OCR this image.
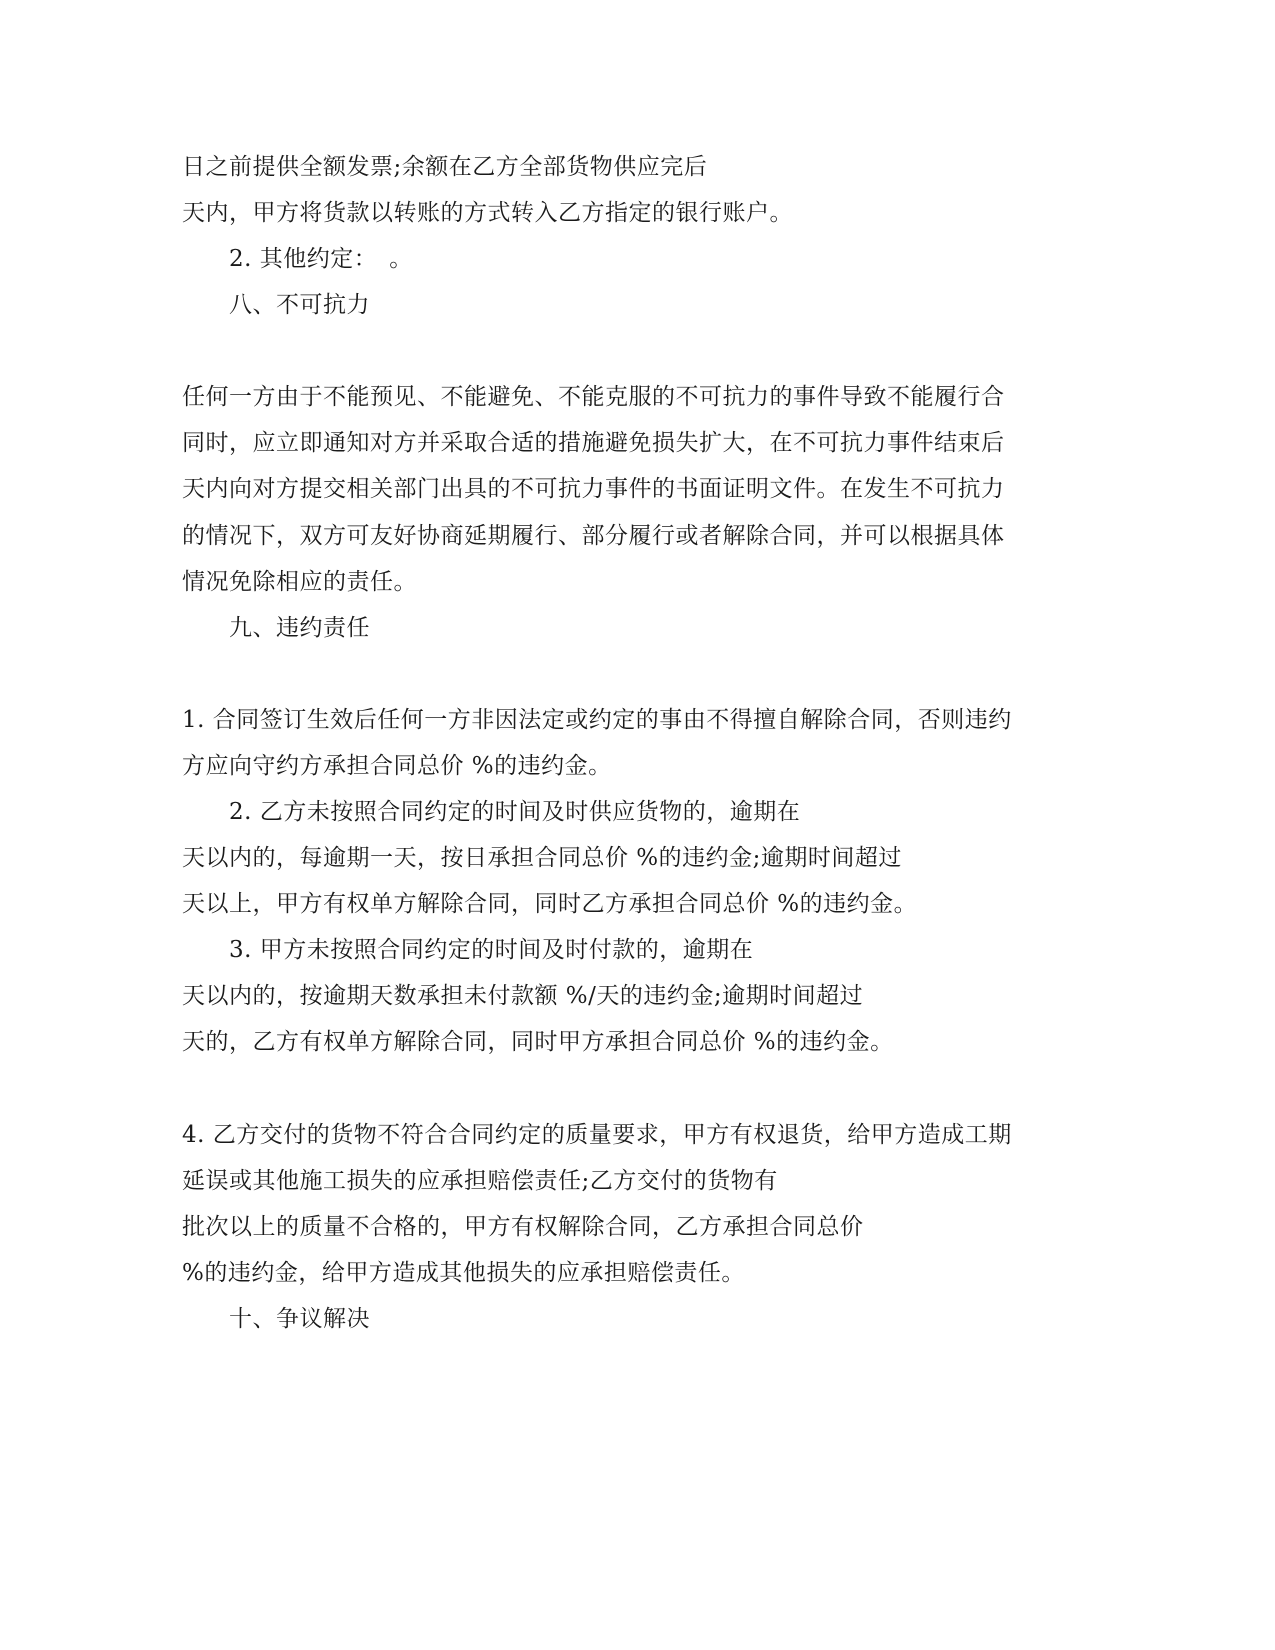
日之前提供全额发票;余额在乙方全部货物供应完后
天内，甲方将货款以转账的方式转入乙方指定的银行账户。
2. 其他约定：　。
八、不可抗力
任何一方由于不能预见、不能避免、不能克服的不可抗力的事件导致不能履行合
同时，应立即通知对方并采取合适的措施避免损失扩大，在不可抗力事件结束后
天内向对方提交相关部门出具的不可抗力事件的书面证明文件。在发生不可抗力
的情况下，双方可友好协商延期履行、部分履行或者解除合同，并可以根据具体
情况免除相应的责任。
九、违约责任
1. 合同签订生效后任何一方非因法定或约定的事由不得擅自解除合同，否则违约
方应向守约方承担合同总价 %的违约金。
2. 乙方未按照合同约定的时间及时供应货物的，逾期在
天以内的，每逾期一天，按日承担合同总价 %的违约金;逾期时间超过
天以上，甲方有权单方解除合同，同时乙方承担合同总价 %的违约金。
3. 甲方未按照合同约定的时间及时付款的，逾期在
天以内的，按逾期天数承担未付款额 %/天的违约金;逾期时间超过
天的，乙方有权单方解除合同，同时甲方承担合同总价 %的违约金。
4. 乙方交付的货物不符合合同约定的质量要求，甲方有权退货，给甲方造成工期
延误或其他施工损失的应承担赔偿责任;乙方交付的货物有
批次以上的质量不合格的，甲方有权解除合同，乙方承担合同总价
%的违约金，给甲方造成其他损失的应承担赔偿责任。
十、争议解决
